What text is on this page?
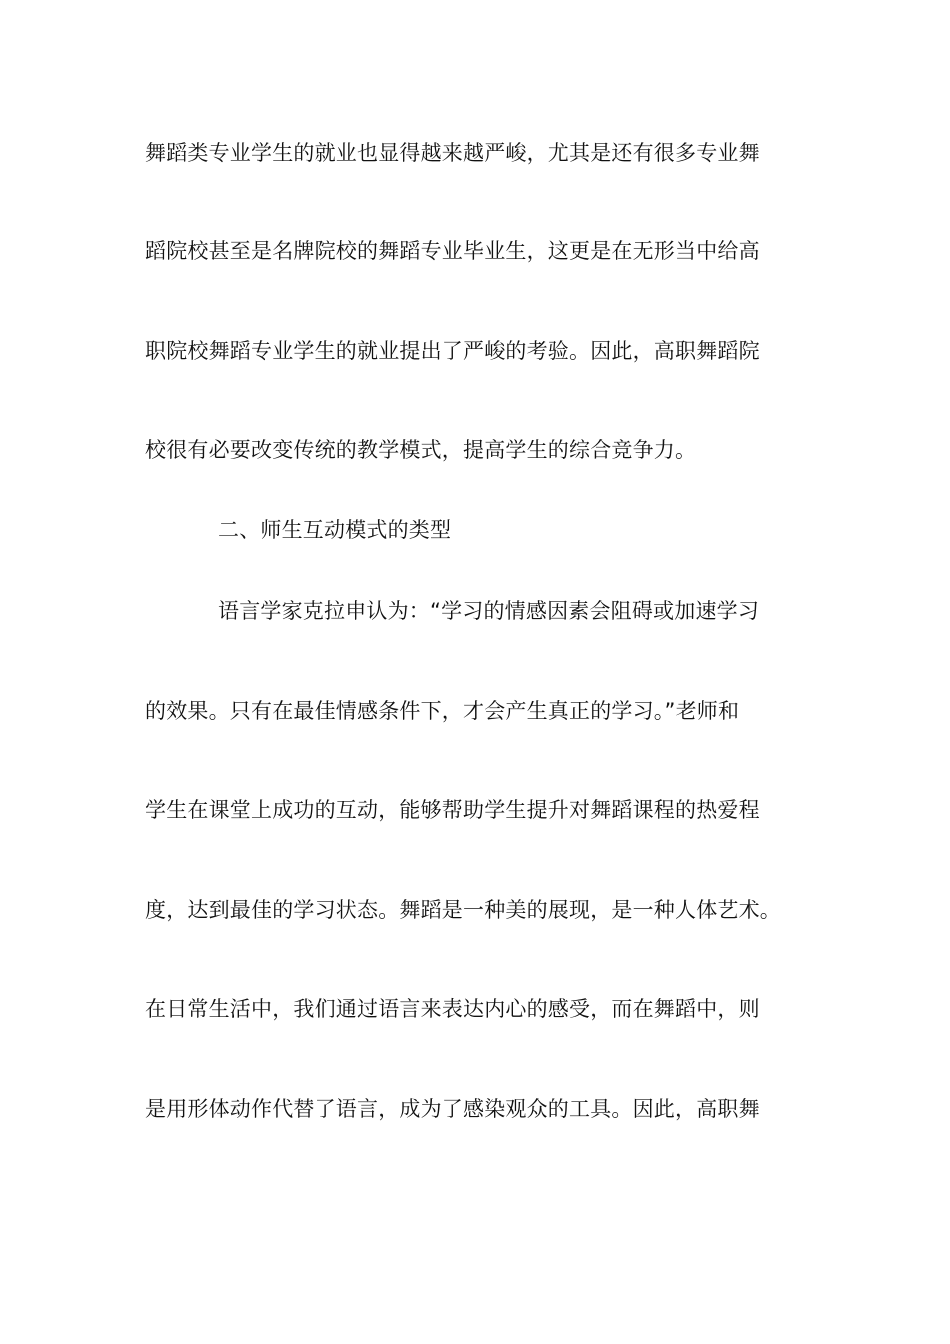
舞蹈类专业学生的就业也显得越来越严峻，尤其是还有很多专业舞
蹈院校甚至是名牌院校的舞蹈专业毕业生，这更是在无形当中给高
职院校舞蹈专业学生的就业提出了严峻的考验。因此，高职舞蹈院
校很有必要改变传统的教学模式，提高学生的综合竞争力。
二、师生互动模式的类型
语言学家克拉申认为：“学习的情感因素会阻碍或加速学习
的效果。只有在最佳情感条件下，才会产生真正的学习。”老师和
学生在课堂上成功的互动，能够帮助学生提升对舞蹈课程的热爱程
度，达到最佳的学习状态。舞蹈是一种美的展现，是一种人体艺术。
在日常生活中，我们通过语言来表达内心的感受，而在舞蹈中，则
是用形体动作代替了语言，成为了感染观众的工具。因此，高职舞
